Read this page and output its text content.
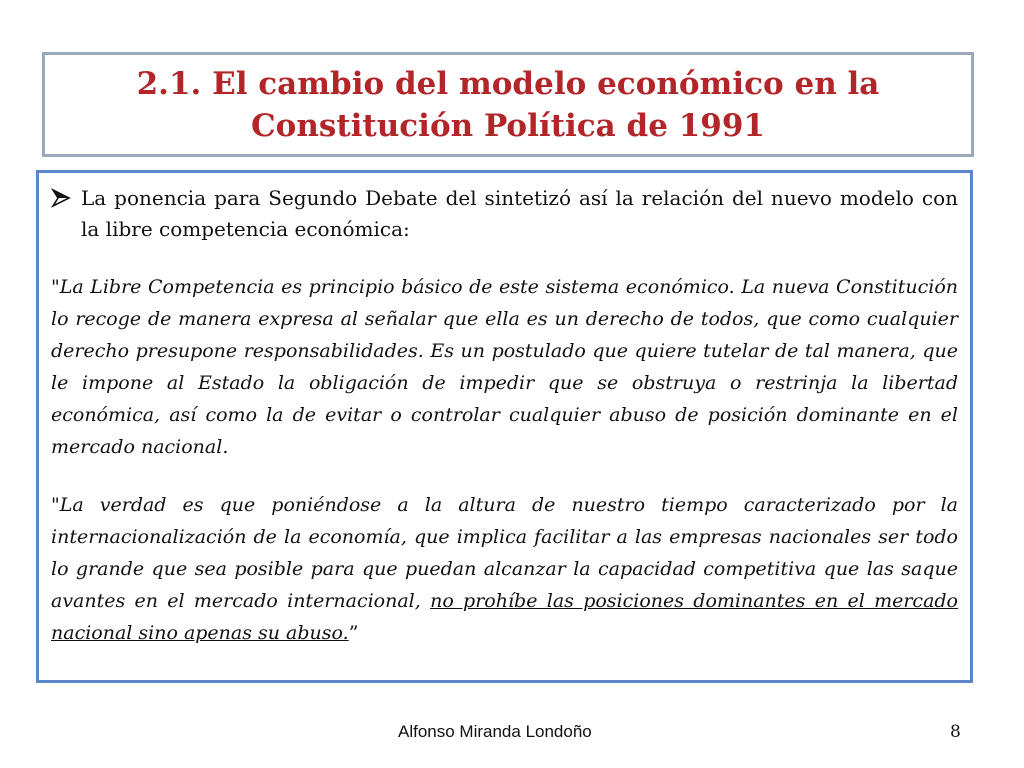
2.1. El cambio del modelo económico en la
Constitución Política de 1991
La ponencia para Segundo Debate del sintetizó así la relación del nuevo modelo con la libre competencia económica:

"La Libre Competencia es principio básico de este sistema económico. La nueva Constitución lo recoge de manera expresa al señalar que ella es un derecho de todos, que como cualquier derecho presupone responsabilidades. Es un postulado que quiere tutelar de tal manera, que le impone al Estado la obligación de impedir que se obstruya o restrinja la libertad económica, así como la de evitar o controlar cualquier abuso de posición dominante en el mercado nacional.

"La verdad es que poniéndose a la altura de nuestro tiempo caracterizado por la internacionalización de la economía, que implica facilitar a las empresas nacionales ser todo lo grande que sea posible para que puedan alcanzar la capacidad competitiva que las saque avantes en el mercado internacional, no prohíbe las posiciones dominantes en el mercado nacional sino apenas su abuso.”

Alfonso Miranda Londoño	8
